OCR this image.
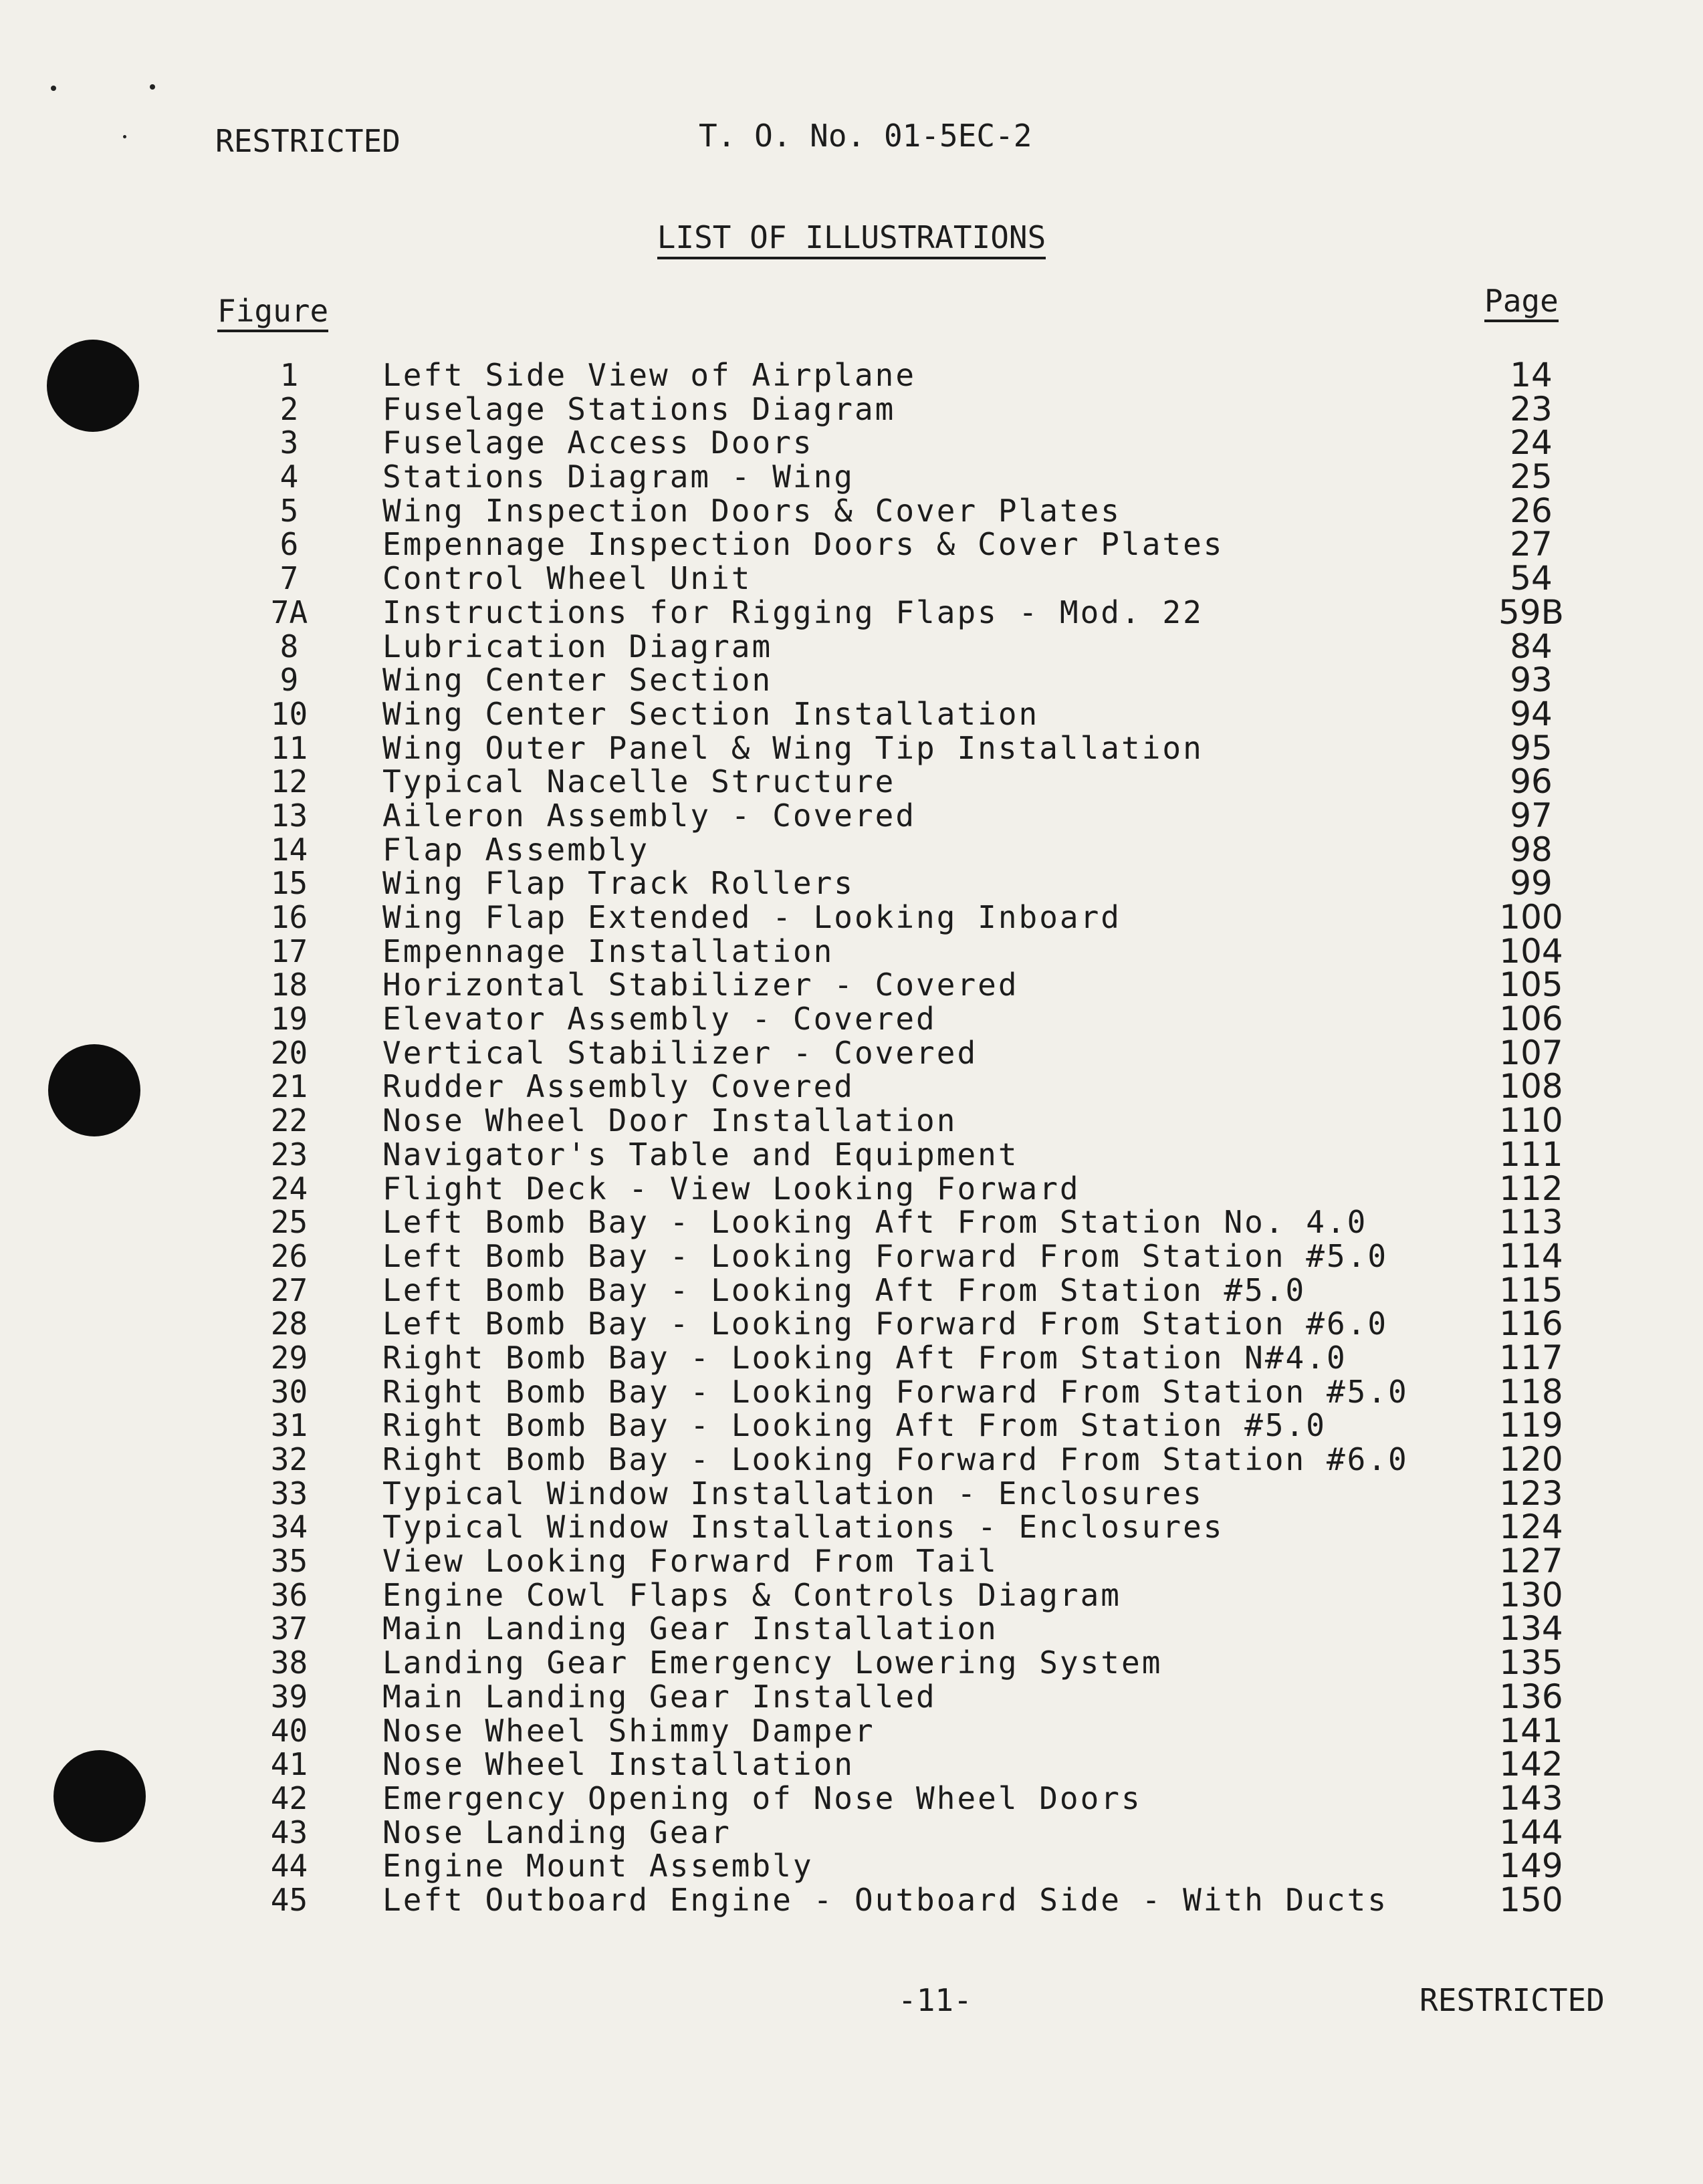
RESTRICTED	T. O. No. 01-5EC-2
LIST OF ILLUSTRATIONS
Figure	Page
1	Left Side View of Airplane	14
2	Fuselage Stations Diagram	23
3	Fuselage Access Doors	24
4	Stations Diagram - Wing	25
5	Wing Inspection Doors & Cover Plates	26
6	Empennage Inspection Doors & Cover Plates	27
7	Control Wheel Unit	54
7A	Instructions for Rigging Flaps - Mod. 22	59B
8	Lubrication Diagram	84
9	Wing Center Section	93
10	Wing Center Section Installation	94
11	Wing Outer Panel & Wing Tip Installation	95
12	Typical Nacelle Structure	96
13	Aileron Assembly - Covered	97
14	Flap Assembly	98
15	Wing Flap Track Rollers	99
16	Wing Flap Extended - Looking Inboard	100
17	Empennage Installation	104
18	Horizontal Stabilizer - Covered	105
19	Elevator Assembly - Covered	106
20	Vertical Stabilizer - Covered	107
21	Rudder Assembly Covered	108
22	Nose Wheel Door Installation	110
23	Navigator's Table and Equipment	111
24	Flight Deck - View Looking Forward	112
25	Left Bomb Bay - Looking Aft From Station No. 4.0	113
26	Left Bomb Bay - Looking Forward From Station #5.0	114
27	Left Bomb Bay - Looking Aft From Station #5.0	115
28	Left Bomb Bay - Looking Forward From Station #6.0	116
29	Right Bomb Bay - Looking Aft From Station N#4.0	117
30	Right Bomb Bay - Looking Forward From Station #5.0	118
31	Right Bomb Bay - Looking Aft From Station #5.0	119
32	Right Bomb Bay - Looking Forward From Station #6.0	120
33	Typical Window Installation - Enclosures	123
34	Typical Window Installations - Enclosures	124
35	View Looking Forward From Tail	127
36	Engine Cowl Flaps & Controls Diagram	130
37	Main Landing Gear Installation	134
38	Landing Gear Emergency Lowering System	135
39	Main Landing Gear Installed	136
40	Nose Wheel Shimmy Damper	141
41	Nose Wheel Installation	142
42	Emergency Opening of Nose Wheel Doors	143
43	Nose Landing Gear	144
44	Engine Mount Assembly	149
45	Left Outboard Engine - Outboard Side - With Ducts	150
-11-	RESTRICTED
